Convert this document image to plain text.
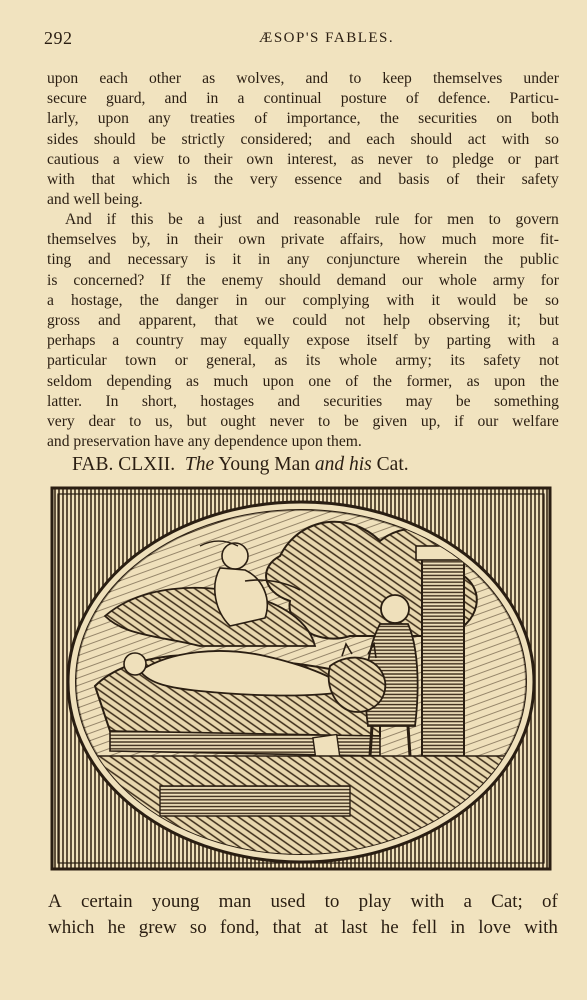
292	ÆSOP'S FABLES.
upon each other as wolves, and to keep themselves under
secure guard, and in a continual posture of defence. Particu-
larly, upon any treaties of importance, the securities on both
sides should be strictly considered; and each should act with so
cautious a view to their own interest, as never to pledge or part
with that which is the very essence and basis of their safety
and well being.
And if this be a just and reasonable rule for men to govern
themselves by, in their own private affairs, how much more fit-
ting and necessary is it in any conjuncture wherein the public
is concerned? If the enemy should demand our whole army for
a hostage, the danger in our complying with it would be so
gross and apparent, that we could not help observing it; but
perhaps a country may equally expose itself by parting with a
particular town or general, as its whole army; its safety not
seldom depending as much upon one of the former, as upon the
latter. In short, hostages and securities may be something
very dear to us, but ought never to be given up, if our welfare
and preservation have any dependence upon them.
FAB. CLXII. The Young Man and his Cat.
A certain young man used to play with a Cat; of
which he grew so fond, that at last he fell in love with
